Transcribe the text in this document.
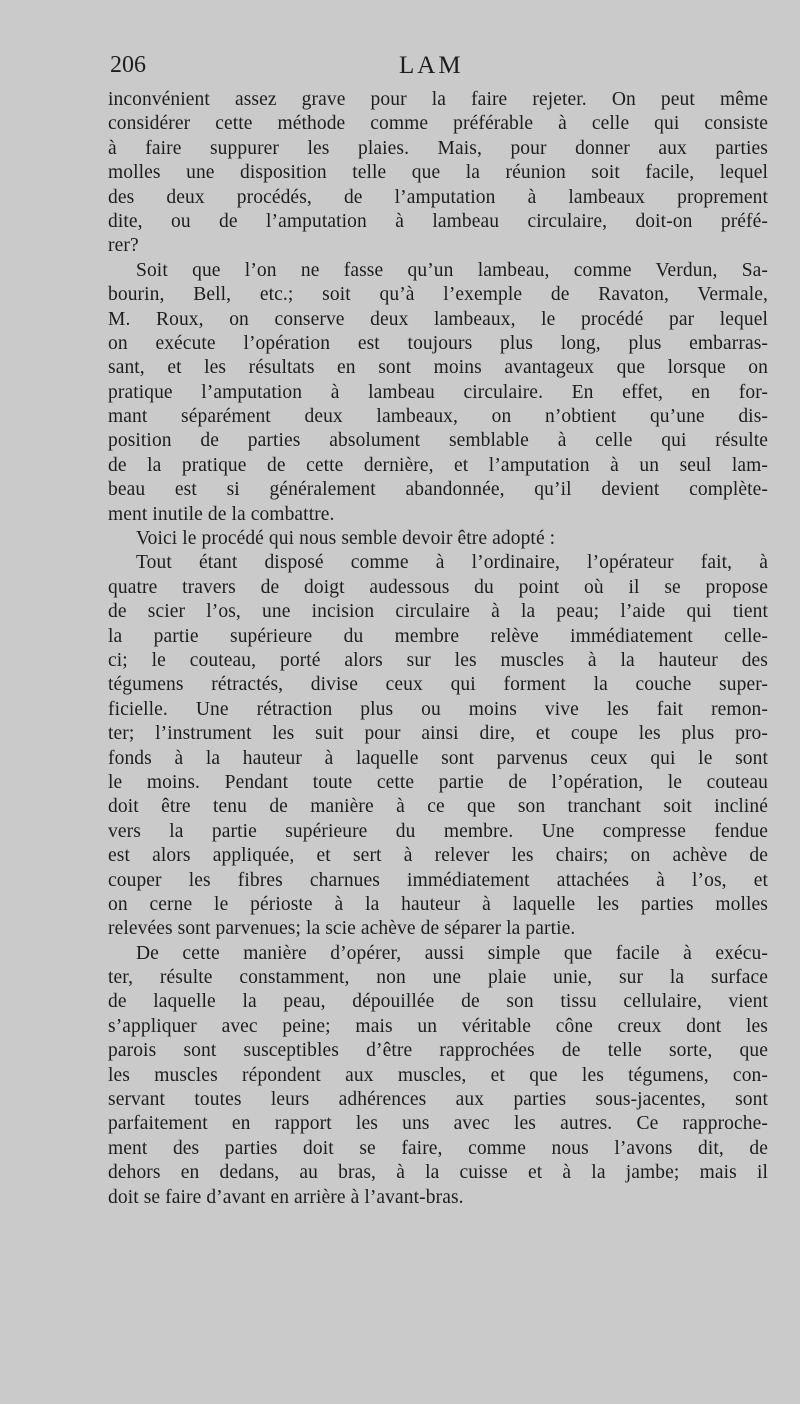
206	LAM
inconvénient assez grave pour la faire rejeter. On peut même
considérer cette méthode comme préférable à celle qui consiste
à faire suppurer les plaies. Mais, pour donner aux parties
molles une disposition telle que la réunion soit facile, lequel
des deux procédés, de l’amputation à lambeaux proprement
dite, ou de l’amputation à lambeau circulaire, doit-on préfé-
rer?
Soit que l’on ne fasse qu’un lambeau, comme Verdun, Sa-
bourin, Bell, etc.; soit qu’à l’exemple de Ravaton, Vermale,
M. Roux, on conserve deux lambeaux, le procédé par lequel
on exécute l’opération est toujours plus long, plus embarras-
sant, et les résultats en sont moins avantageux que lorsque on
pratique l’amputation à lambeau circulaire. En effet, en for-
mant séparément deux lambeaux, on n’obtient qu’une dis-
position de parties absolument semblable à celle qui résulte
de la pratique de cette dernière, et l’amputation à un seul lam-
beau est si généralement abandonnée, qu’il devient complète-
ment inutile de la combattre.
Voici le procédé qui nous semble devoir être adopté :
Tout étant disposé comme à l’ordinaire, l’opérateur fait, à
quatre travers de doigt audessous du point où il se propose
de scier l’os, une incision circulaire à la peau; l’aide qui tient
la partie supérieure du membre relève immédiatement celle-
ci; le couteau, porté alors sur les muscles à la hauteur des
tégumens rétractés, divise ceux qui forment la couche super-
ficielle. Une rétraction plus ou moins vive les fait remon-
ter; l’instrument les suit pour ainsi dire, et coupe les plus pro-
fonds à la hauteur à laquelle sont parvenus ceux qui le sont
le moins. Pendant toute cette partie de l’opération, le couteau
doit être tenu de manière à ce que son tranchant soit incliné
vers la partie supérieure du membre. Une compresse fendue
est alors appliquée, et sert à relever les chairs; on achève de
couper les fibres charnues immédiatement attachées à l’os, et
on cerne le périoste à la hauteur à laquelle les parties molles
relevées sont parvenues; la scie achève de séparer la partie.
De cette manière d’opérer, aussi simple que facile à exécu-
ter, résulte constamment, non une plaie unie, sur la surface
de laquelle la peau, dépouillée de son tissu cellulaire, vient
s’appliquer avec peine; mais un véritable cône creux dont les
parois sont susceptibles d’être rapprochées de telle sorte, que
les muscles répondent aux muscles, et que les tégumens, con-
servant toutes leurs adhérences aux parties sous-jacentes, sont
parfaitement en rapport les uns avec les autres. Ce rapproche-
ment des parties doit se faire, comme nous l’avons dit, de
dehors en dedans, au bras, à la cuisse et à la jambe; mais il
doit se faire d’avant en arrière à l’avant-bras.
